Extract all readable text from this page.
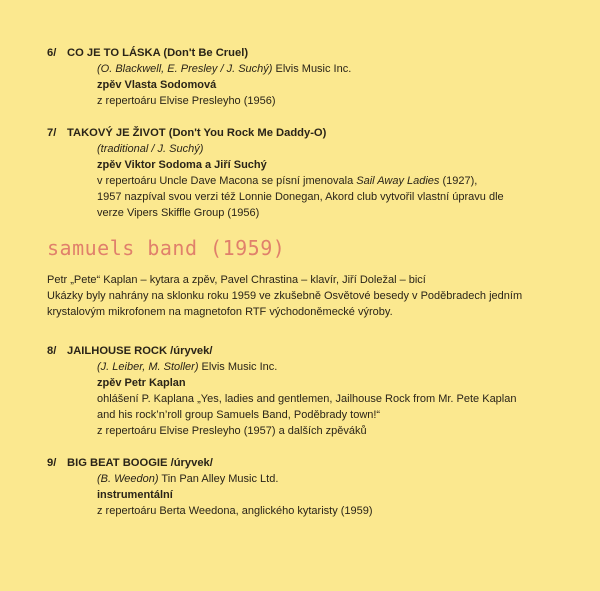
6/ CO JE TO LÁSKA (Don't Be Cruel)
(O. Blackwell, E. Presley / J. Suchý) Elvis Music Inc.
zpěv Vlasta Sodomová
z repertoáru Elvise Presleyho (1956)
7/ TAKOVÝ JE ŽIVOT (Don't You Rock Me Daddy-O)
(traditional / J. Suchý)
zpěv Viktor Sodoma a Jiří Suchý
v repertoáru Uncle Dave Macona se písní jmenovala Sail Away Ladies (1927),
1957 nazpíval svou verzi též Lonnie Donegan, Akord club vytvořil vlastní úpravu dle
verze Vipers Skiffle Group (1956)
samuels band (1959)
Petr „Pete“ Kaplan – kytara a zpěv, Pavel Chrastina – klavír, Jiří Doležal – bicí
Ukázky byly nahrány na sklonku roku 1959 ve zkušebně Osvětové besedy v Poděbradech jedním
krystalovým mikrofonem na magnetofon RTF východoněmecké výroby.
8/ JAILHOUSE ROCK /úryvek/
(J. Leiber, M. Stoller) Elvis Music Inc.
zpěv Petr Kaplan
ohlášení P. Kaplana „Yes, ladies and gentlemen, Jailhouse Rock from Mr. Pete Kaplan
and his rock’n’roll group Samuels Band, Poděbrady town!“
z repertoáru Elvise Presleyho (1957) a dalších zpěváků
9/ BIG BEAT BOOGIE /úryvek/
(B. Weedon) Tin Pan Alley Music Ltd.
instrumentální
z repertoáru Berta Weedona, anglického kytaristy (1959)
